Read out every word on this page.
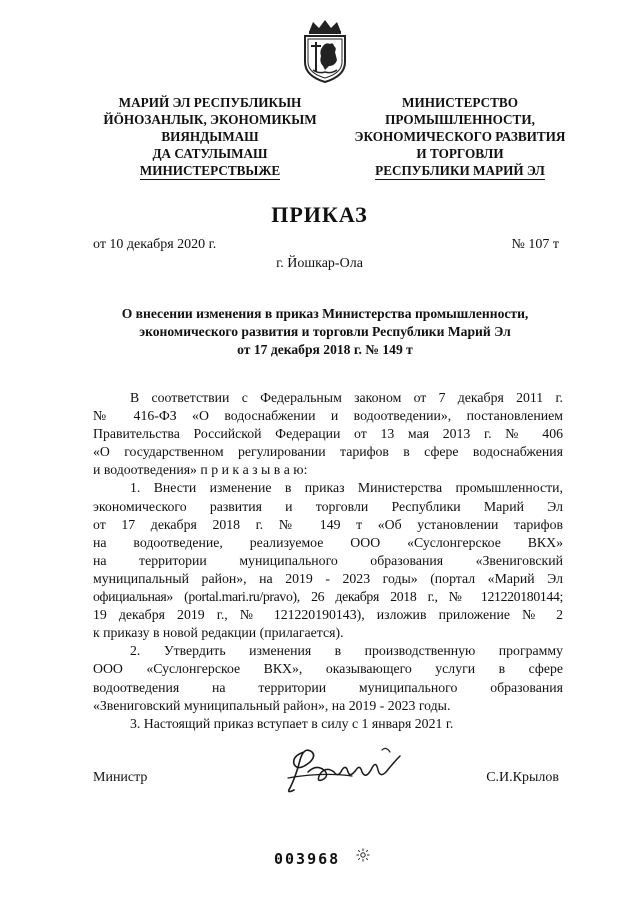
МАРИЙ ЭЛ РЕСПУБЛИКЫН
ЙÖНОЗАНЛЫК, ЭКОНОМИКЫМ
ВИЯНДЫМАШ
ДА САТУЛЫМАШ
МИНИСТЕРСТВЫЖЕ
МИНИСТЕРСТВО
ПРОМЫШЛЕННОСТИ,
ЭКОНОМИЧЕСКОГО РАЗВИТИЯ
И ТОРГОВЛИ
РЕСПУБЛИКИ МАРИЙ ЭЛ
ПРИКАЗ
от 10 декабря 2020 г.	№ 107 т
г. Йошкар-Ола
О внесении изменения в приказ Министерства промышленности,
экономического развития и торговли Республики Марий Эл
от 17 декабря 2018 г. № 149 т

В соответствии с Федеральным законом от 7 декабря 2011 г.
№ 416-ФЗ «О водоснабжении и водоотведении», постановлением
Правительства Российской Федерации от 13 мая 2013 г. № 406
«О государственном регулировании тарифов в сфере водоснабжения
и водоотведения» п р и к а з ы в а ю:

1. Внести изменение в приказ Министерства промышленности,
экономического развития и торговли Республики Марий Эл
от 17 декабря 2018 г. № 149 т «Об установлении тарифов
на водоотведение, реализуемое ООО «Суслонгерское ВКХ»
на территории муниципального образования «Звениговский
муниципальный район», на 2019 - 2023 годы» (портал «Марий Эл
официальная» (portal.mari.ru/pravo), 26 декабря 2018 г., № 121220180144;
19 декабря 2019 г., № 121220190143), изложив приложение № 2
к приказу в новой редакции (прилагается).

2. Утвердить изменения в производственную программу
ООО «Суслонгерское ВКХ», оказывающего услуги в сфере
водоотведения на территории муниципального образования
«Звениговский муниципальный район», на 2019 - 2023 годы.

3. Настоящий приказ вступает в силу с 1 января 2021 г.

Министр	С.И.Крылов
003968
